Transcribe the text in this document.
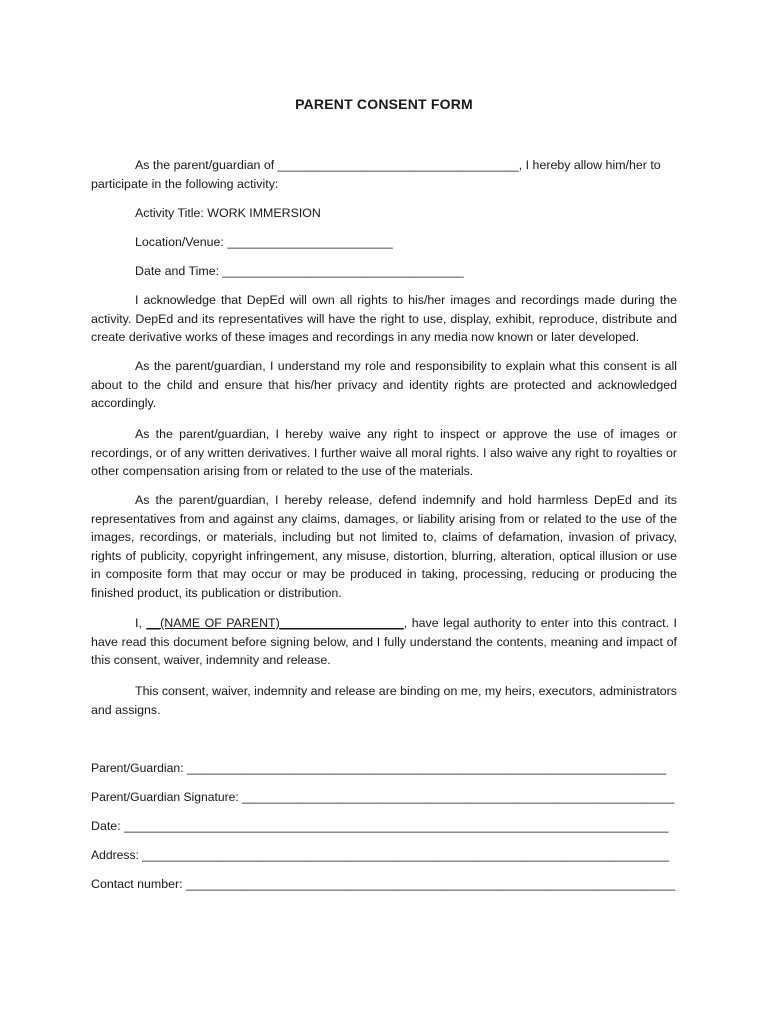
PARENT CONSENT FORM
As the parent/guardian of ___________________________________, I hereby allow him/her to
participate in the following activity:
Activity Title: WORK IMMERSION
Location/Venue: ________________________
Date and Time: ___________________________________
I acknowledge that DepEd will own all rights to his/her images and recordings made during the activity. DepEd and its representatives will have the right to use, display, exhibit, reproduce, distribute and create derivative works of these images and recordings in any media now known or later developed.
As the parent/guardian, I understand my role and responsibility to explain what this consent is all about to the child and ensure that his/her privacy and identity rights are protected and acknowledged accordingly.
As the parent/guardian, I hereby waive any right to inspect or approve the use of images or recordings, or of any written derivatives. I further waive all moral rights. I also waive any right to royalties or other compensation arising from or related to the use of the materials.
As the parent/guardian, I hereby release, defend indemnify and hold harmless DepEd and its representatives from and against any claims, damages, or liability arising from or related to the use of the images, recordings, or materials, including but not limited to, claims of defamation, invasion of privacy, rights of publicity, copyright infringement, any misuse, distortion, blurring, alteration, optical illusion or use in composite form that may occur or may be produced in taking, processing, reducing or producing the finished product, its publication or distribution.
I, __(NAME OF PARENT)__________________, have legal authority to enter into this contract. I have read this document before signing below, and I fully understand the contents, meaning and impact of this consent, waiver, indemnity and release.
This consent, waiver, indemnity and release are binding on me, my heirs, executors, administrators and assigns.
Parent/Guardian: _______________________________________________________________________
Parent/Guardian Signature: ________________________________________________________________
Date: _______________________________________________________________________________
Address: ______________________________________________________________________________
Contact number: _______________________________________________________________________
